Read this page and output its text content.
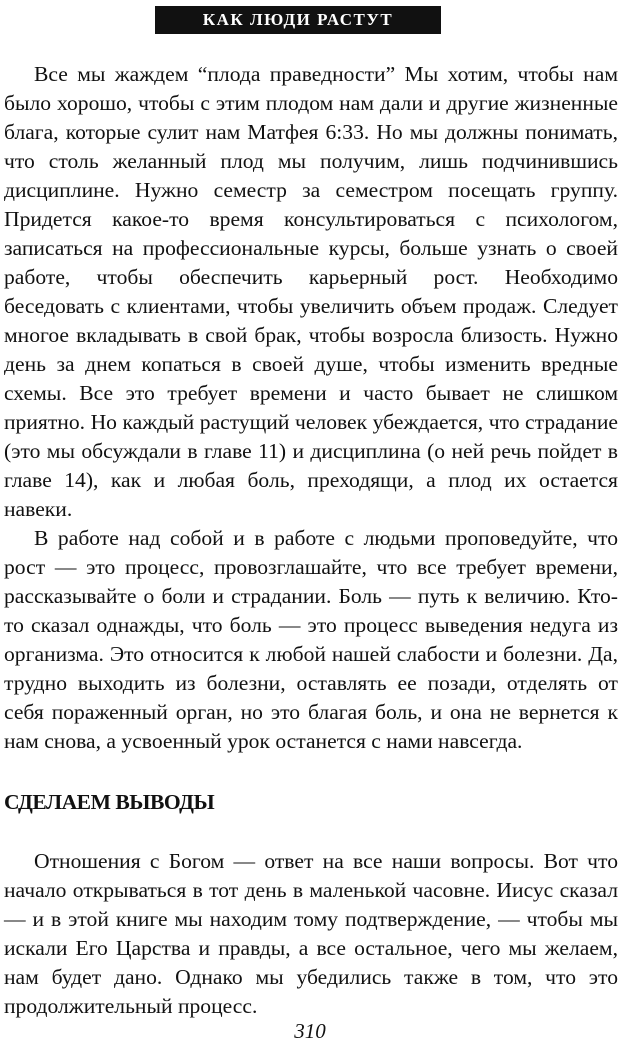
КАК ЛЮДИ РАСТУТ

Все мы жаждем “плода праведности” Мы хотим, чтобы нам было хорошо, чтобы с этим плодом нам дали и другие жизненные блага, которые сулит нам Матфея 6:33. Но мы должны понимать, что столь желанный плод мы получим, лишь подчинившись дисциплине. Нужно семестр за семестром посещать группу. Придется какое-то время консультироваться с психологом, записаться на профессиональные курсы, больше узнать о своей работе, чтобы обеспечить карьерный рост. Необходимо беседовать с клиентами, чтобы увеличить объем продаж. Следует многое вкладывать в свой брак, чтобы возросла близость. Нужно день за днем копаться в своей душе, чтобы изменить вредные схемы. Все это требует времени и часто бывает не слишком приятно. Но каждый растущий человек убеждается, что страдание (это мы обсуждали в главе 11) и дисциплина (о ней речь пойдет в главе 14), как и любая боль, преходящи, а плод их остается навеки.

В работе над собой и в работе с людьми проповедуйте, что рост — это процесс, провозглашайте, что все требует времени, рассказывайте о боли и страдании. Боль — путь к величию. Кто-то сказал однажды, что боль — это процесс выведения недуга из организма. Это относится к любой нашей слабости и болезни. Да, трудно выходить из болезни, оставлять ее позади, отделять от себя пораженный орган, но это благая боль, и она не вернется к нам снова, а усвоенный урок останется с нами навсегда.

СДЕЛАЕМ ВЫВОДЫ

Отношения с Богом — ответ на все наши вопросы. Вот что начало открываться в тот день в маленькой часовне. Иисус сказал — и в этой книге мы находим тому подтверждение, — чтобы мы искали Его Царства и правды, а все остальное, чего мы желаем, нам будет дано. Однако мы убедились также в том, что это продолжительный процесс.

310
